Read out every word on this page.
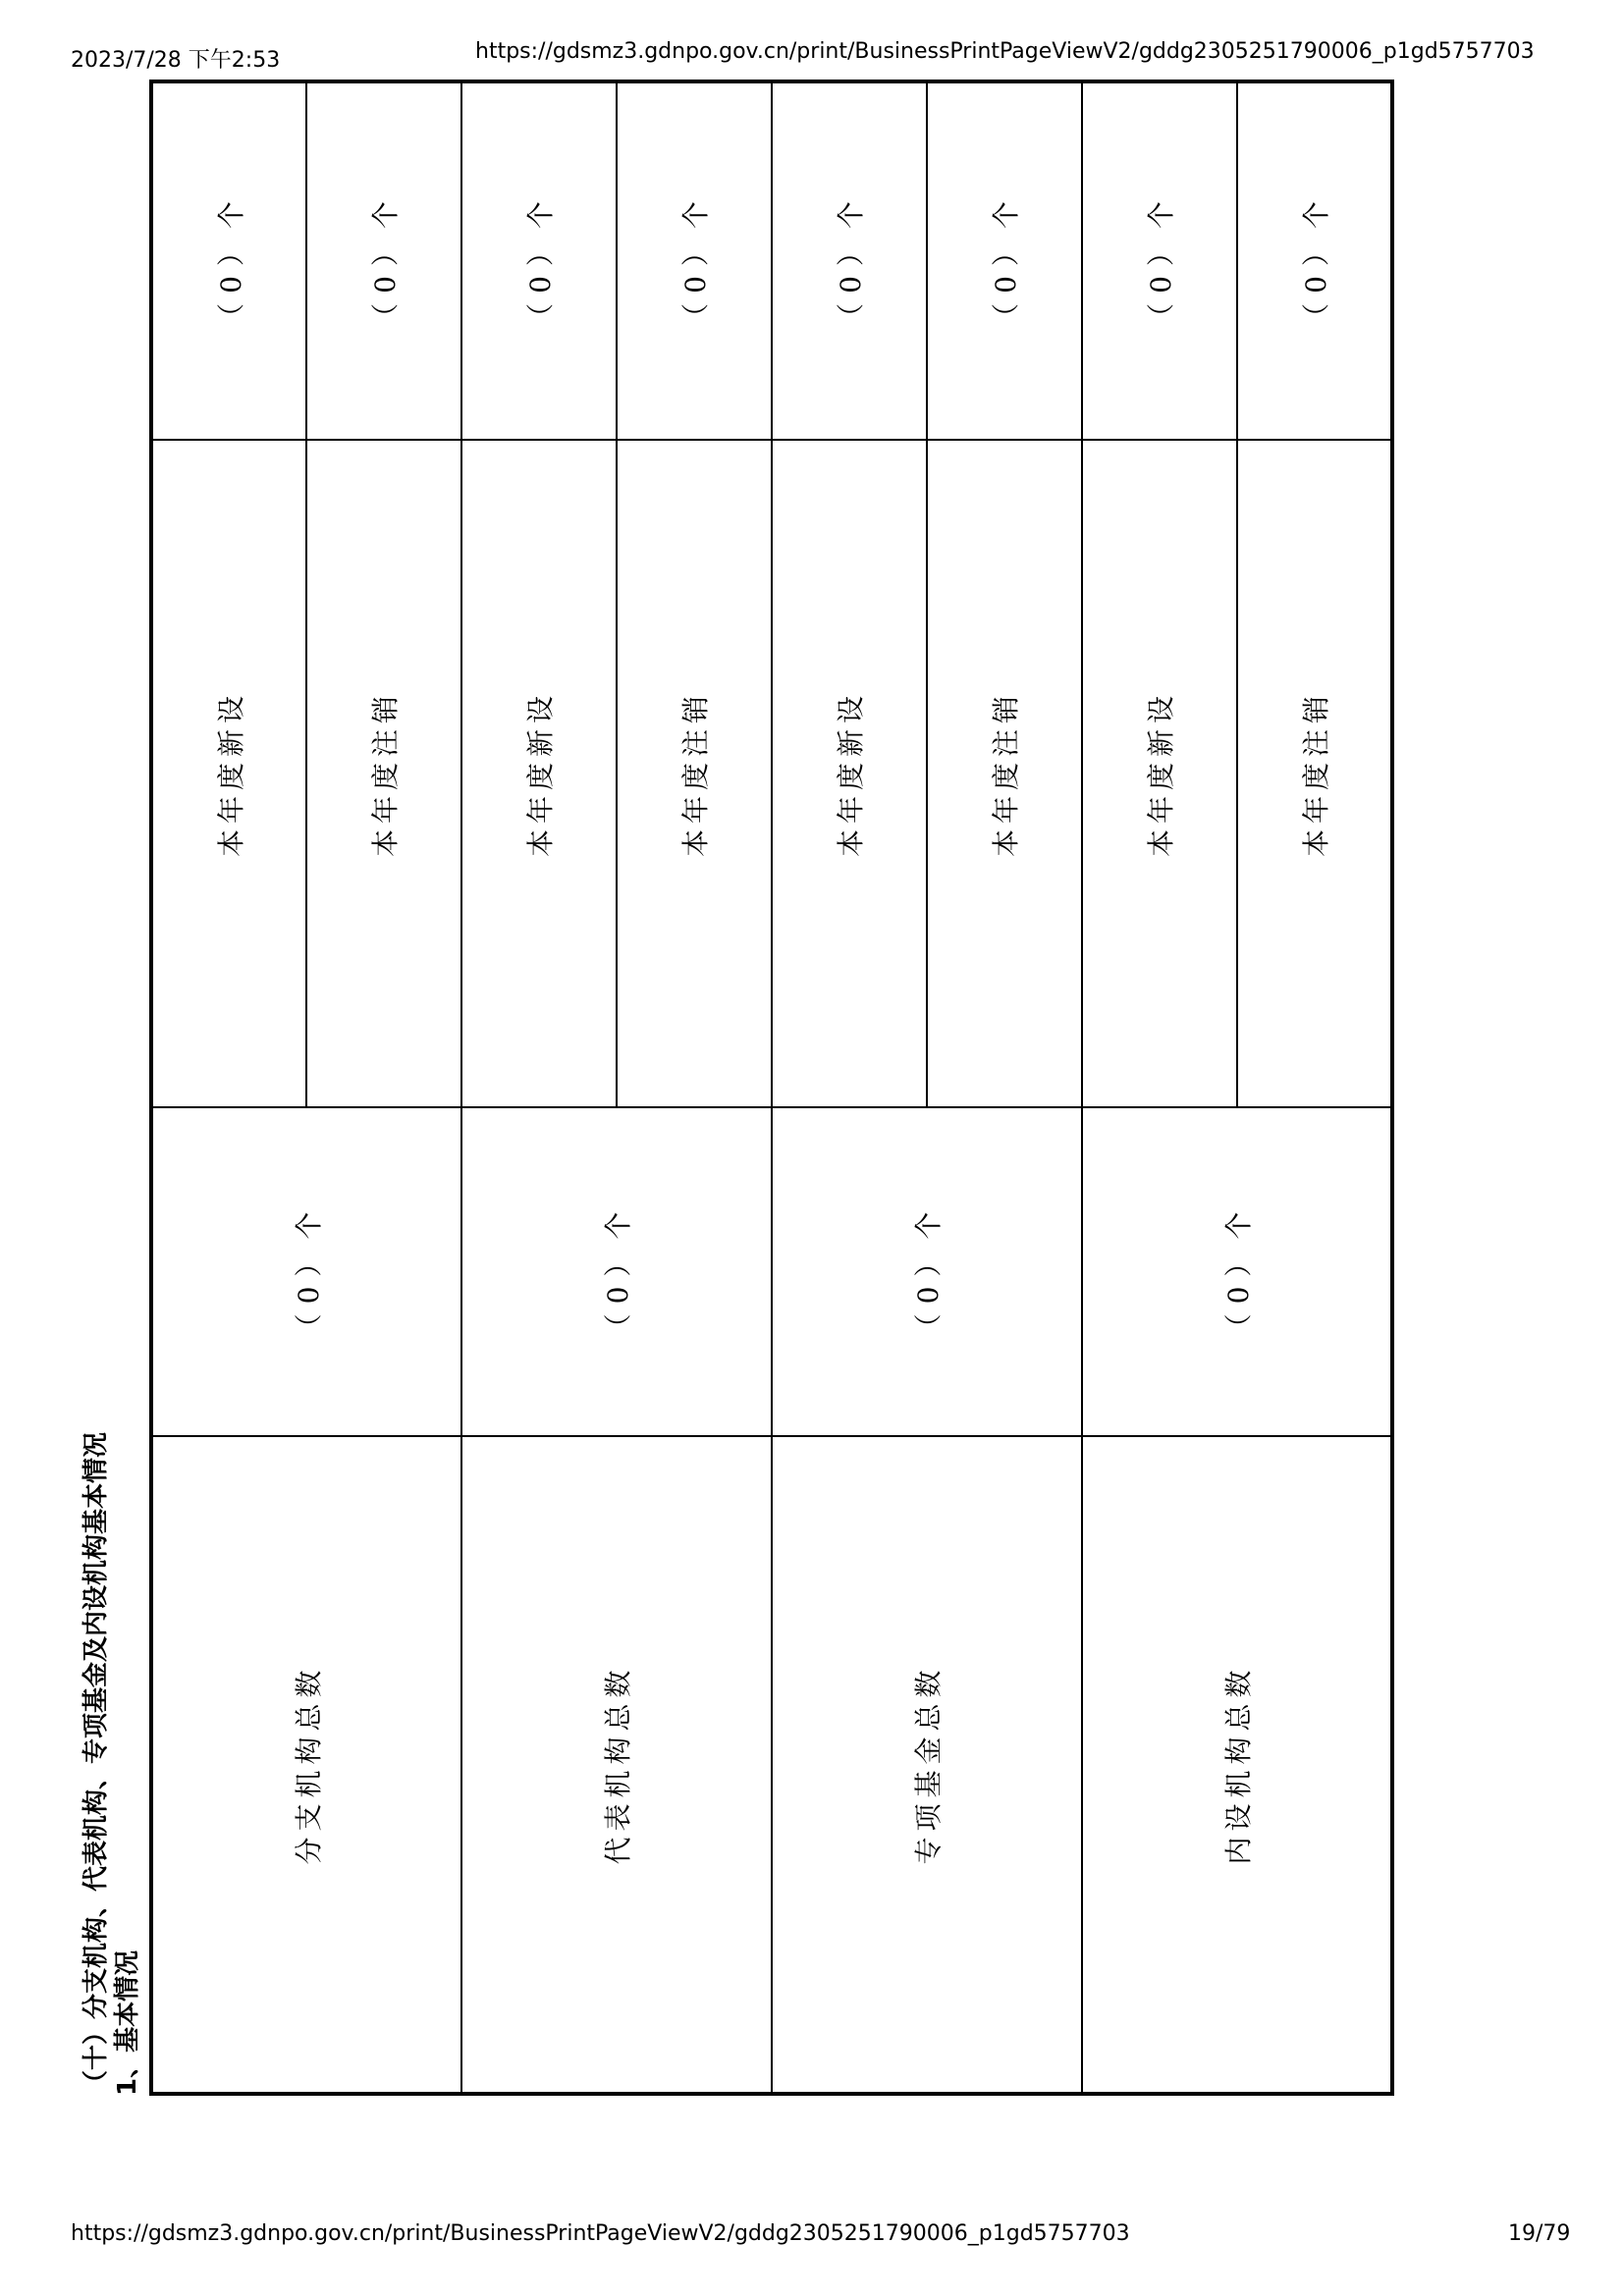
2023/7/28 下午2:53	https://gdsmz3.gdnpo.gov.cn/print/BusinessPrintPageViewV2/gddg2305251790006_p1gd5757703
（十）分支机构、代表机构、专项基金及内设机构基本情况 1、基本情况
分支机构总数	（0）个	本年度新设	（0）个
		本年度注销	（0）个
代表机构总数	（0）个	本年度新设	（0）个
		本年度注销	（0）个
专项基金总数	（0）个	本年度新设	（0）个
		本年度注销	（0）个
内设机构总数	（0）个	本年度新设	（0）个
		本年度注销	（0）个
https://gdsmz3.gdnpo.gov.cn/print/BusinessPrintPageViewV2/gddg2305251790006_p1gd5757703	19/79
